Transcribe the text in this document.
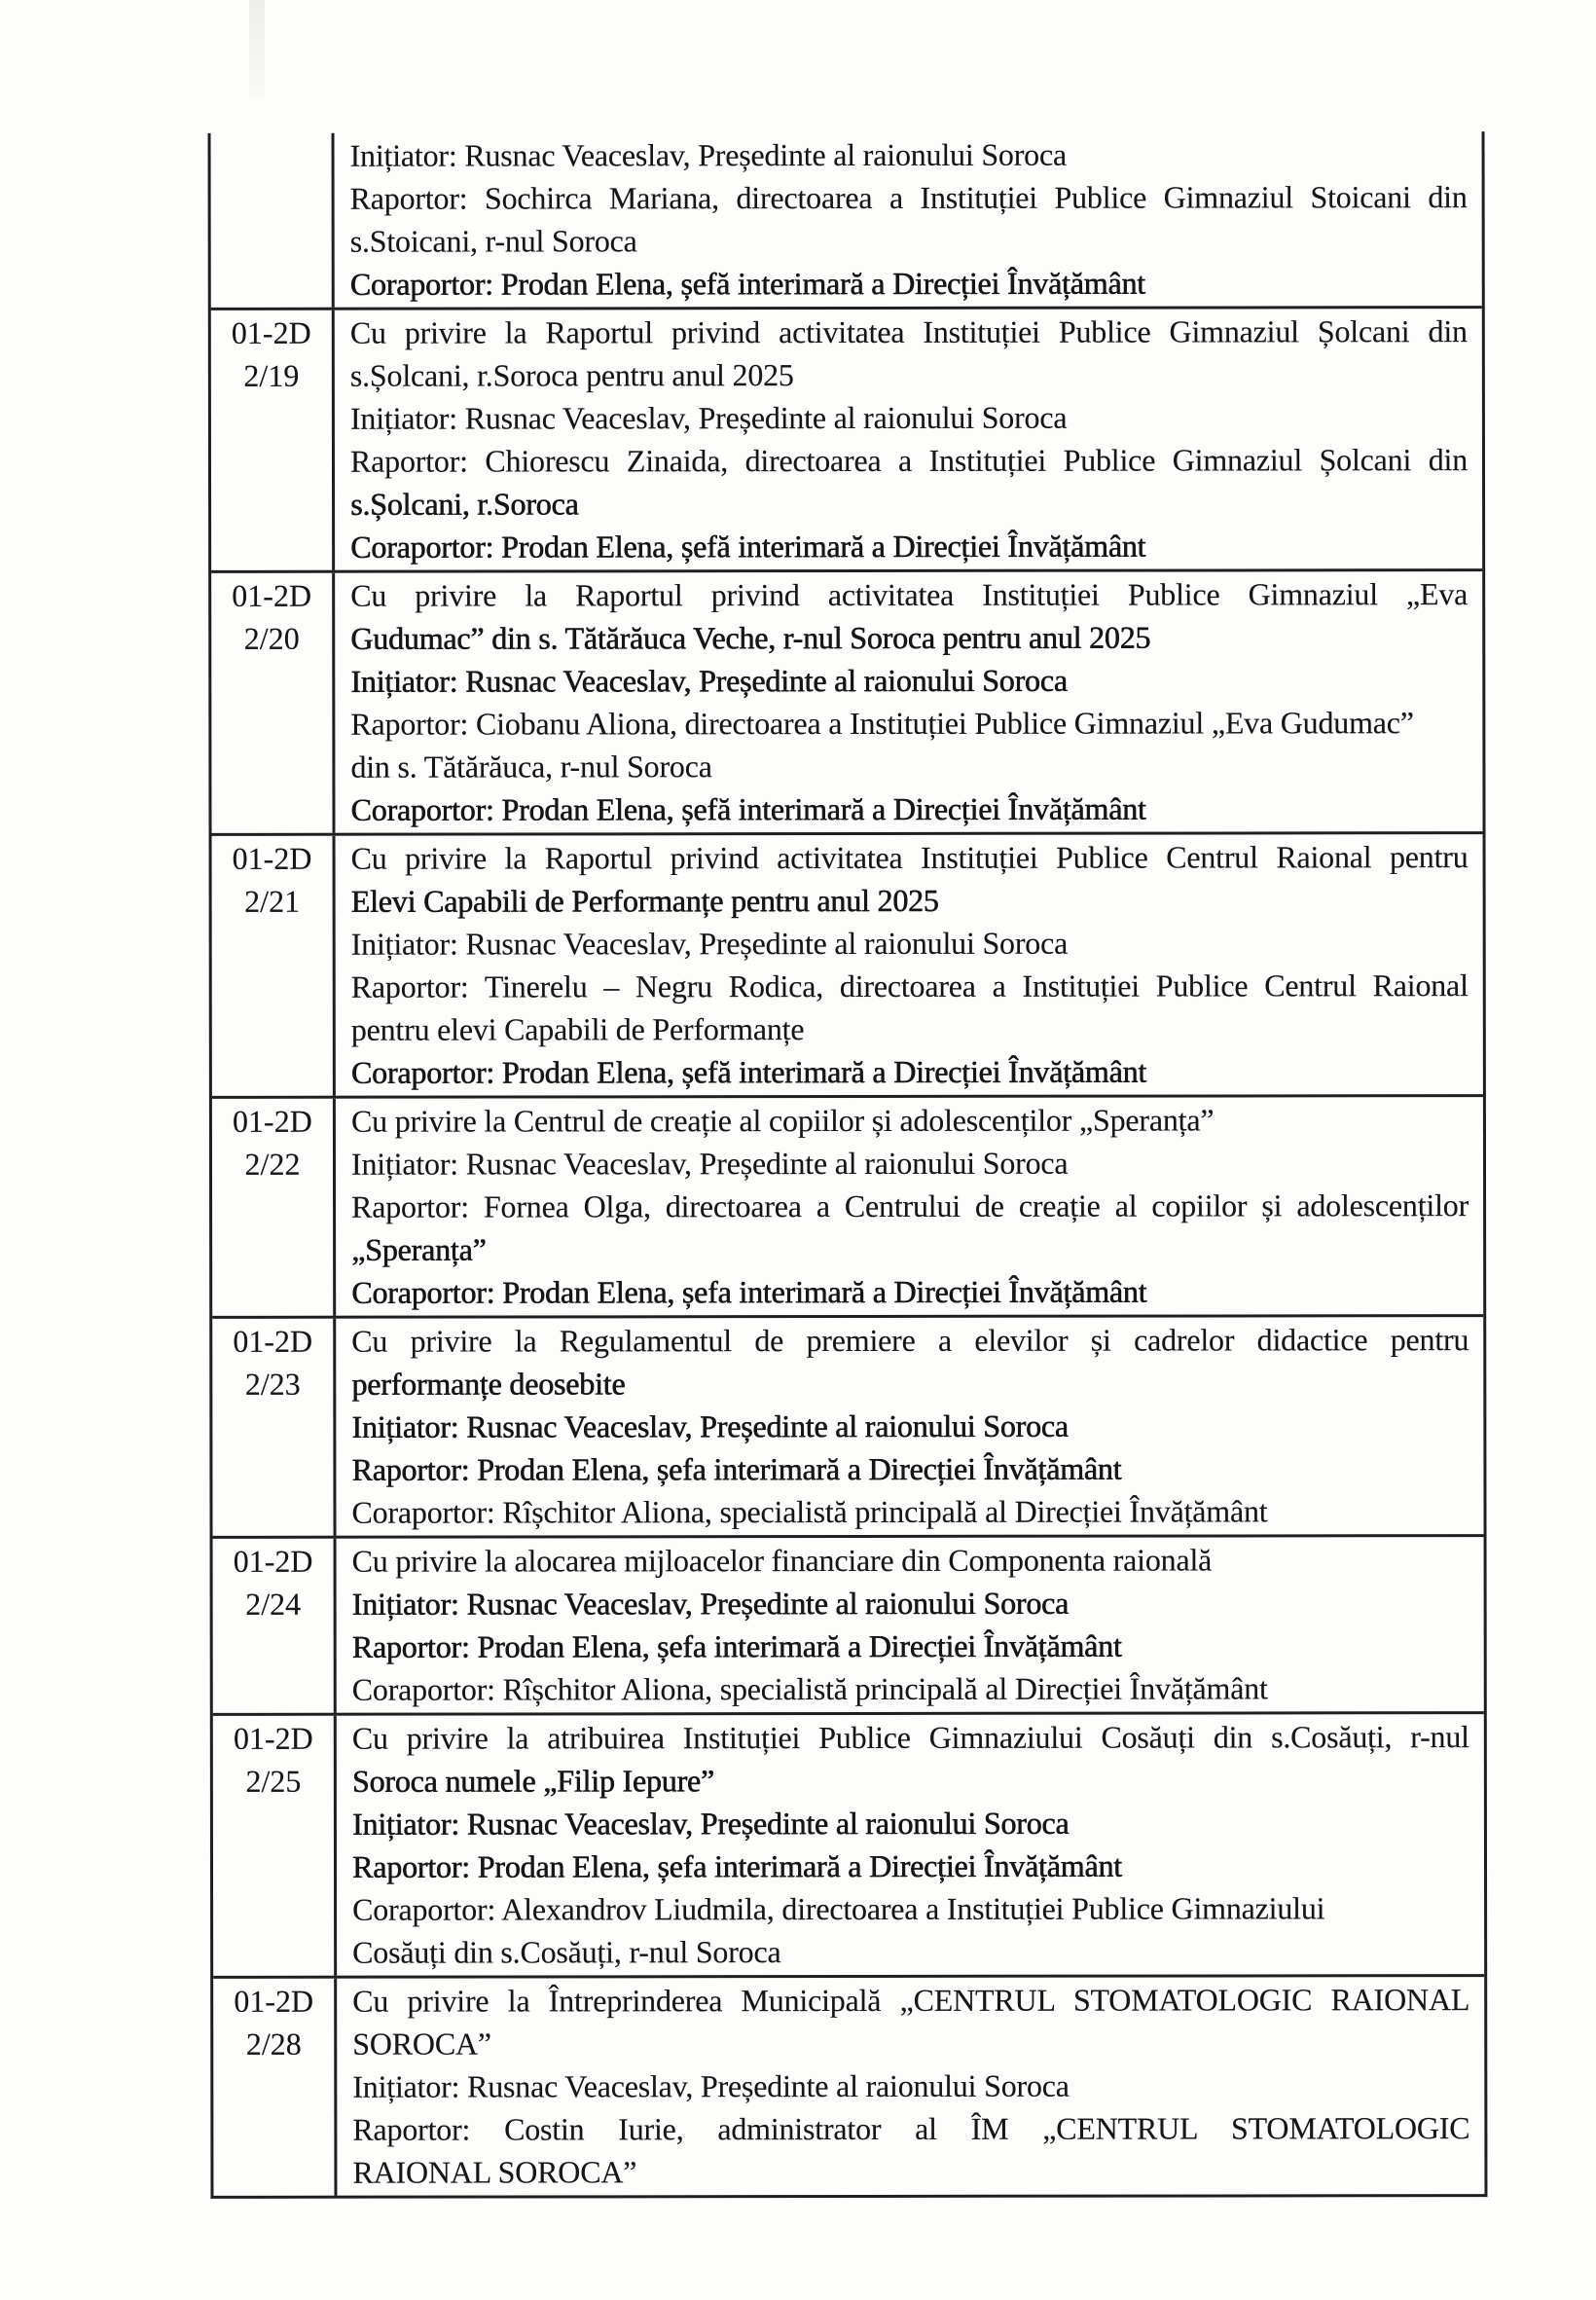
Inițiator: Rusnac Veaceslav, Președinte al raionului Soroca
Raportor: Sochirca Mariana, directoarea a Instituției Publice Gimnaziul Stoicani din
s.Stoicani, r-nul Soroca
Coraportor: Prodan Elena, șefă interimară a Direcției Învățământ
01-2D
2/19
Cu privire la Raportul privind activitatea Instituției Publice Gimnaziul Șolcani din
s.Șolcani, r.Soroca pentru anul 2025
Inițiator: Rusnac Veaceslav, Președinte al raionului Soroca
Raportor: Chiorescu Zinaida, directoarea a Instituției Publice Gimnaziul Șolcani din
s.Șolcani, r.Soroca
Coraportor: Prodan Elena, șefă interimară a Direcției Învățământ
01-2D
2/20
Cu privire la Raportul privind activitatea Instituției Publice Gimnaziul „Eva
Gudumac” din s. Tătărăuca Veche, r-nul Soroca pentru anul 2025
Inițiator: Rusnac Veaceslav, Președinte al raionului Soroca
Raportor: Ciobanu Aliona, directoarea a Instituției Publice Gimnaziul „Eva Gudumac”
din s. Tătărăuca, r-nul Soroca
Coraportor: Prodan Elena, șefă interimară a Direcției Învățământ
01-2D
2/21
Cu privire la Raportul privind activitatea Instituției Publice Centrul Raional pentru
Elevi Capabili de Performanțe pentru anul 2025
Inițiator: Rusnac Veaceslav, Președinte al raionului Soroca
Raportor: Tinerelu – Negru Rodica, directoarea a Instituției Publice Centrul Raional
pentru elevi Capabili de Performanțe
Coraportor: Prodan Elena, șefă interimară a Direcției Învățământ
01-2D
2/22
Cu privire la Centrul de creație al copiilor și adolescenților „Speranța”
Inițiator: Rusnac Veaceslav, Președinte al raionului Soroca
Raportor: Fornea Olga, directoarea a Centrului de creație al copiilor și adolescenților
„Speranța”
Coraportor: Prodan Elena, șefa interimară a Direcției Învățământ
01-2D
2/23
Cu privire la Regulamentul de premiere a elevilor și cadrelor didactice pentru
performanțe deosebite
Inițiator: Rusnac Veaceslav, Președinte al raionului Soroca
Raportor: Prodan Elena, șefa interimară a Direcției Învățământ
Coraportor: Rîșchitor Aliona, specialistă principală al Direcției Învățământ
01-2D
2/24
Cu privire la alocarea mijloacelor financiare din Componenta raională
Inițiator: Rusnac Veaceslav, Președinte al raionului Soroca
Raportor: Prodan Elena, șefa interimară a Direcției Învățământ
Coraportor: Rîșchitor Aliona, specialistă principală al Direcției Învățământ
01-2D
2/25
Cu privire la atribuirea Instituției Publice Gimnaziului Cosăuți din s.Cosăuți, r-nul
Soroca numele „Filip Iepure”
Inițiator: Rusnac Veaceslav, Președinte al raionului Soroca
Raportor: Prodan Elena, șefa interimară a Direcției Învățământ
Coraportor: Alexandrov Liudmila, directoarea a Instituției Publice Gimnaziului
Cosăuți din s.Cosăuți, r-nul Soroca
01-2D
2/28
Cu privire la Întreprinderea Municipală „CENTRUL STOMATOLOGIC RAIONAL
SOROCA”
Inițiator: Rusnac Veaceslav, Președinte al raionului Soroca
Raportor: Costin Iurie, administrator al ÎM „CENTRUL STOMATOLOGIC
RAIONAL SOROCA”
